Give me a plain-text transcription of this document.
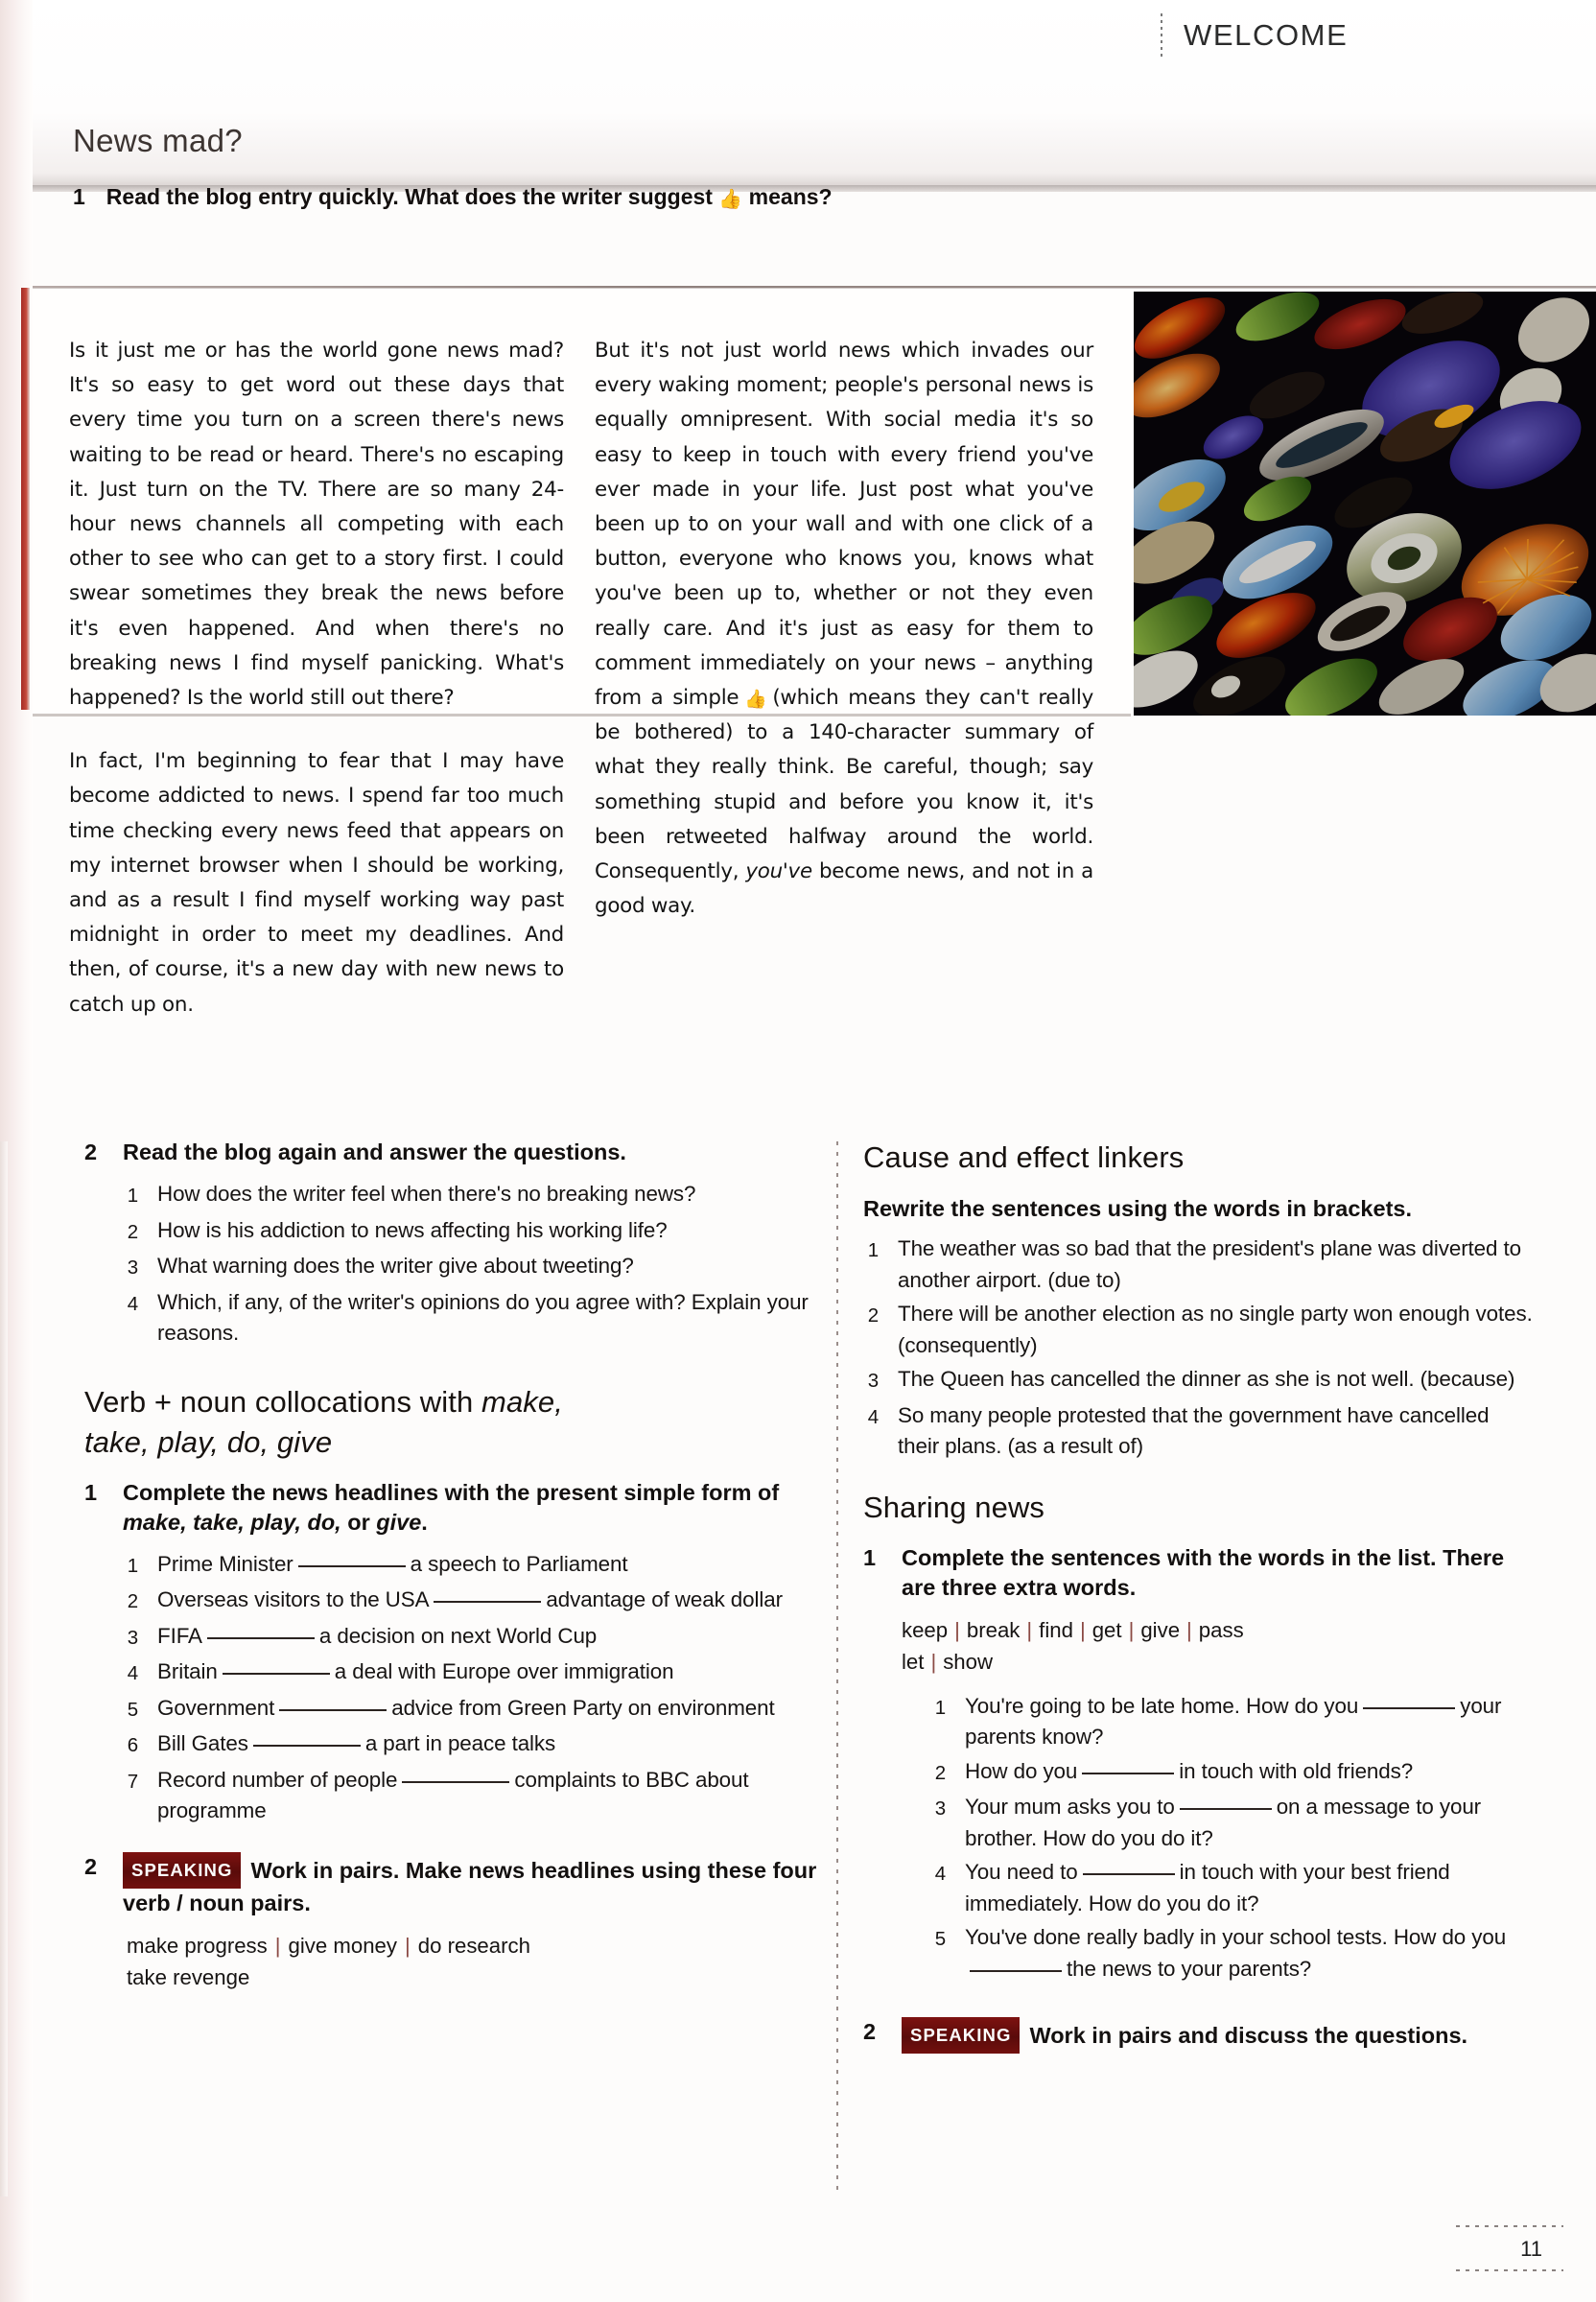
WELCOME
News mad?
1 Read the blog entry quickly. What does the writer suggest 👍 means?

Is it just me or has the world gone news mad? It's so easy to get word out these days that every time you turn on a screen there's news waiting to be read or heard. There's no escaping it. Just turn on the TV. There are so many 24-hour news channels all competing with each other to see who can get to a story first. I could swear sometimes they break the news before it's even happened. And when there's no breaking news I find myself panicking. What's happened? Is the world still out there?

In fact, I'm beginning to fear that I may have become addicted to news. I spend far too much time checking every news feed that appears on my internet browser when I should be working, and as a result I find myself working way past midnight in order to meet my deadlines. And then, of course, it's a new day with new news to catch up on.

But it's not just world news which invades our every waking moment; people's personal news is equally omnipresent. With social media it's so easy to keep in touch with every friend you've ever made in your life. Just post what you've been up to on your wall and with one click of a button, everyone who knows you, knows what you've been up to, whether or not they even really care. And it's just as easy for them to comment immediately on your news – anything from a simple 👍 (which means they can't really be bothered) to a 140-character summary of what they really think. Be careful, though; say something stupid and before you know it, it's been retweeted halfway around the world. Consequently, you've become news, and not in a good way.

2 Read the blog again and answer the questions.
1 How does the writer feel when there's no breaking news?
2 How is his addiction to news affecting his working life?
3 What warning does the writer give about tweeting?
4 Which, if any, of the writer's opinions do you agree with? Explain your reasons.
Verb + noun collocations with make,
take, play, do, give
1 Complete the news headlines with the present simple form of make, take, play, do, or give.
1 Prime Minister	a speech to Parliament
2 Overseas visitors to the USA	advantage of weak dollar
3 FIFA	a decision on next World Cup
4 Britain	a deal with Europe over immigration
5 Government	advice from Green Party on environment
6 Bill Gates	a part in peace talks
7 Record number of people	complaints to BBC about programme
2	SPEAKING Work in pairs. Make news headlines using these four verb / noun pairs.
make progress | give money | do research
take revenge
Cause and effect linkers
Rewrite the sentences using the words in brackets.
1 The weather was so bad that the president's plane was diverted to another airport. (due to)
2 There will be another election as no single party won enough votes. (consequently)
3 The Queen has cancelled the dinner as she is not well. (because)
4 So many people protested that the government have cancelled their plans. (as a result of)
Sharing news
1 Complete the sentences with the words in the list. There are three extra words.
keep | break | find | get | give | pass
let | show
1 You're going to be late home. How do you	your parents know?
2 How do you	in touch with old friends?
3 Your mum asks you to	on a message to your brother. How do you do it?
4 You need to	in touch with your best friend immediately. How do you do it?
5 You've done really badly in your school tests. How do youthe news to your parents?
2	SPEAKING Work in pairs and discuss the questions.
11
